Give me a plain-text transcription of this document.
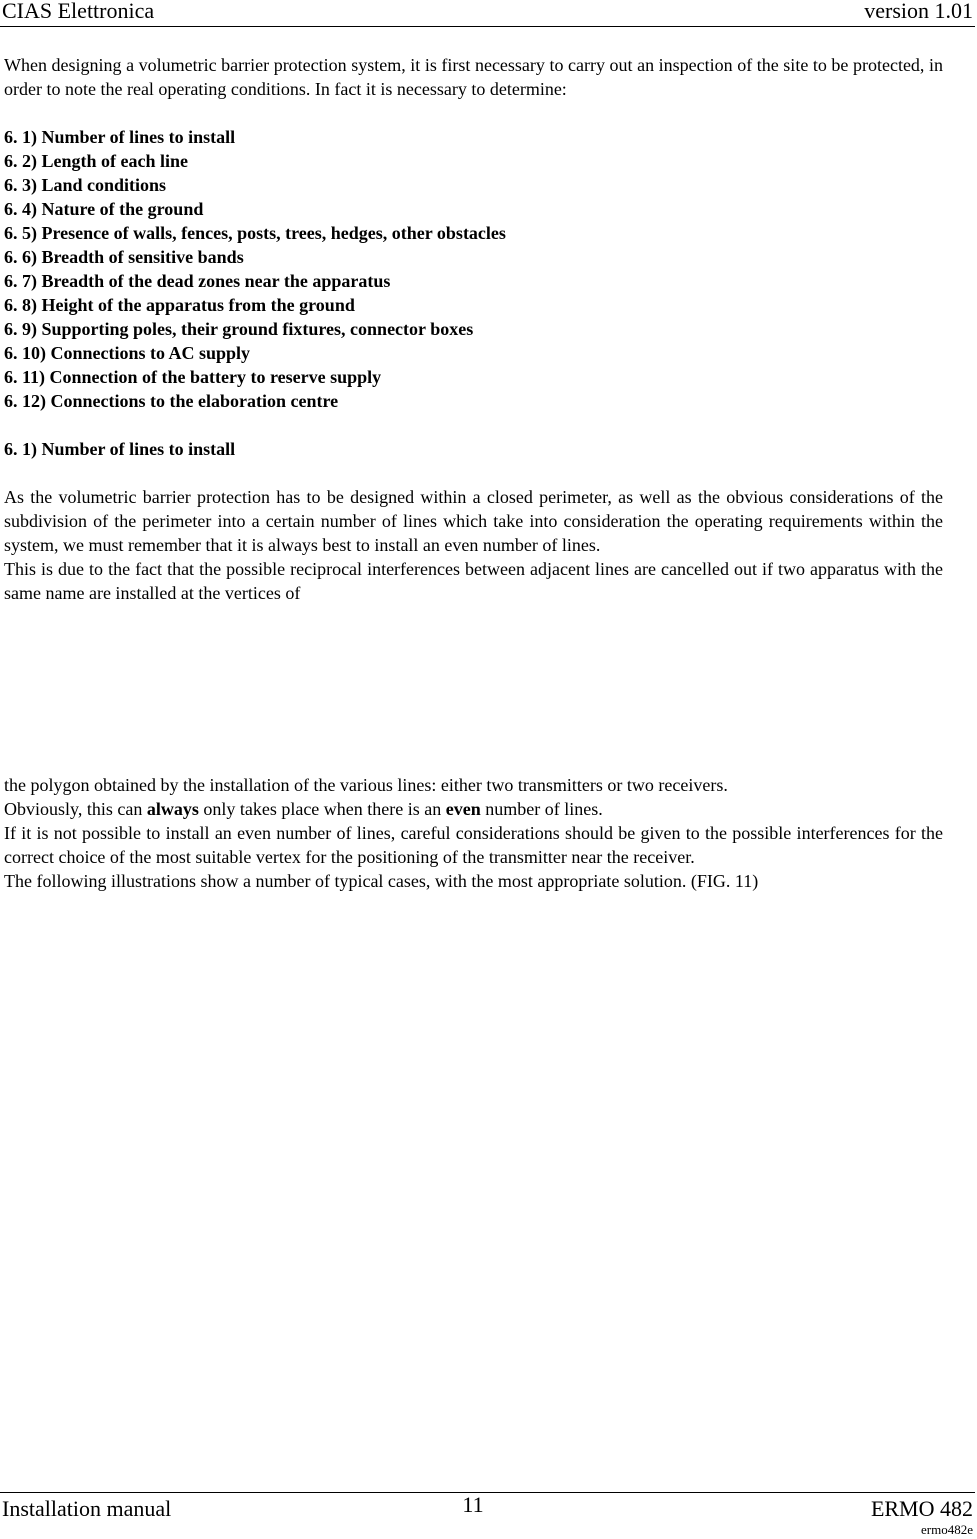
CIAS Elettronica	version 1.01

When designing a volumetric barrier protection system, it is first necessary to carry out an inspection of the site to be protected, in order to note the real operating conditions. In fact it is necessary to determine:

6. 1) Number of lines to install

6. 2) Length of each line

6. 3) Land conditions

6. 4) Nature of the ground

6. 5) Presence of walls, fences, posts, trees, hedges, other obstacles

6. 6) Breadth of sensitive bands

6. 7) Breadth of the dead zones near the apparatus

6. 8) Height of the apparatus from the ground

6. 9) Supporting poles, their ground fixtures, connector boxes

6. 10) Connections to AC supply

6. 11) Connection of the battery to reserve supply

6. 12) Connections to the elaboration centre

6. 1) Number of lines to install

As the volumetric barrier protection has to be designed within a closed perimeter, as well as the obvious considerations of the subdivision of the perimeter into a certain number of lines which take into consideration the operating requirements within the system, we must remember that it is always best to install an even number of lines.

This is due to the fact that the possible reciprocal interferences between adjacent lines are cancelled out if two apparatus with the same name are installed at the vertices of

the polygon obtained by the installation of the various lines: either two transmitters or two receivers.

Obviously, this can always only takes place when there is an even number of lines.

If it is not possible to install an even number of lines, careful considerations should be given to the possible interferences for the correct choice of the most suitable vertex for the positioning of the transmitter near the receiver.

The following illustrations show a number of typical cases, with the most appropriate solution. (FIG. 11)

Installation manual	11	ERMO 482
ermo482e
